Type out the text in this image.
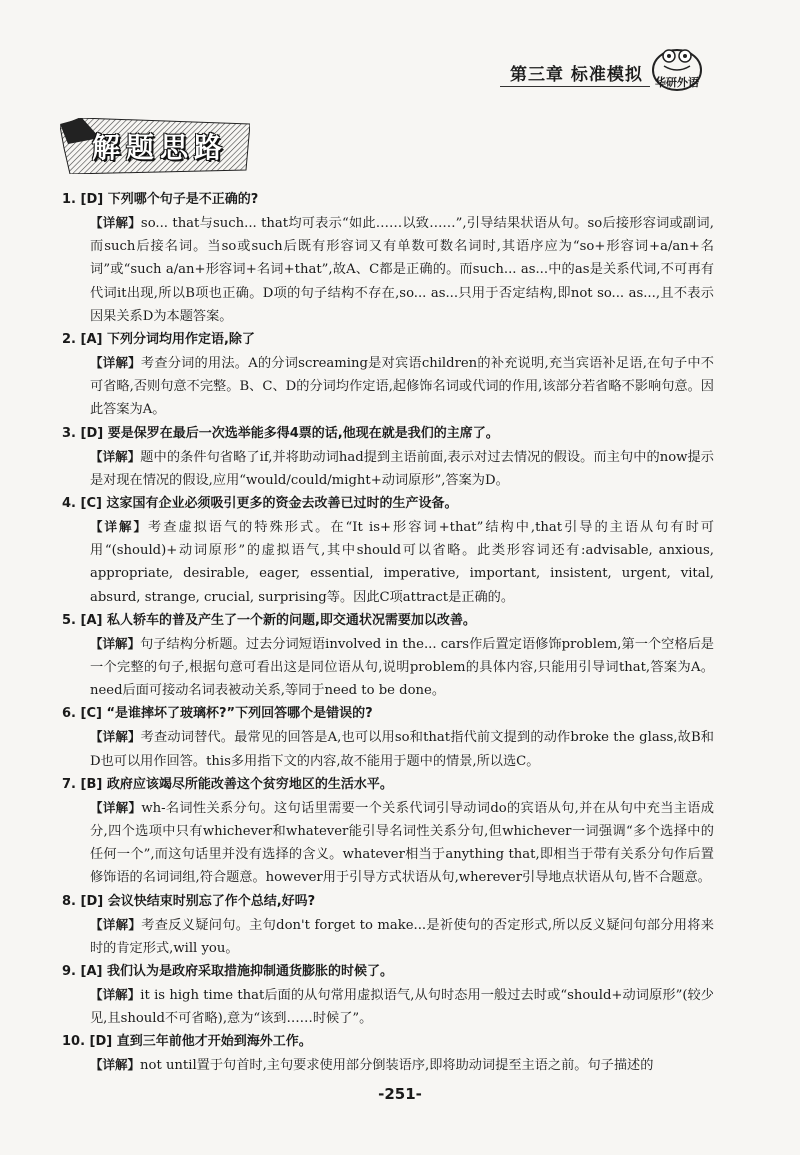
第三章 标准模拟	华研外语
解题思路
1. [D] 下列哪个句子是不正确的?
【详解】so... that与such... that均可表示“如此……以致……”,引导结果状语从句。so后接形容词或副词,而such后接名词。当so或such后既有形容词又有单数可数名词时,其语序应为“so+形容词+a/an+名词”或“such a/an+形容词+名词+that”,故A、C都是正确的。而such... as...中的as是关系代词,不可再有代词it出现,所以B项也正确。D项的句子结构不存在,so... as...只用于否定结构,即not so... as...,且不表示因果关系D为本题答案。
2. [A] 下列分词均用作定语,除了
【详解】考查分词的用法。A的分词screaming是对宾语children的补充说明,充当宾语补足语,在句子中不可省略,否则句意不完整。B、C、D的分词均作定语,起修饰名词或代词的作用,该部分若省略不影响句意。因此答案为A。
3. [D] 要是保罗在最后一次选举能多得4票的话,他现在就是我们的主席了。
【详解】题中的条件句省略了if,并将助动词had提到主语前面,表示对过去情况的假设。而主句中的now提示是对现在情况的假设,应用“would/could/might+动词原形”,答案为D。
4. [C] 这家国有企业必须吸引更多的资金去改善已过时的生产设备。
【详解】考查虚拟语气的特殊形式。在“It is+形容词+that”结构中,that引导的主语从句有时可用“(should)+动词原形”的虚拟语气,其中should可以省略。此类形容词还有:advisable, anxious, appropriate, desirable, eager, essential, imperative, important, insistent, urgent, vital, absurd, strange, crucial, surprising等。因此C项attract是正确的。
5. [A] 私人轿车的普及产生了一个新的问题,即交通状况需要加以改善。
【详解】句子结构分析题。过去分词短语involved in the... cars作后置定语修饰problem,第一个空格后是一个完整的句子,根据句意可看出这是同位语从句,说明problem的具体内容,只能用引导词that,答案为A。need后面可接动名词表被动关系,等同于need to be done。
6. [C] “是谁摔坏了玻璃杯?”下列回答哪个是错误的?
【详解】考查动词替代。最常见的回答是A,也可以用so和that指代前文提到的动作broke the glass,故B和D也可以用作回答。this多用指下文的内容,故不能用于题中的情景,所以选C。
7. [B] 政府应该竭尽所能改善这个贫穷地区的生活水平。
【详解】wh-名词性关系分句。这句话里需要一个关系代词引导动词do的宾语从句,并在从句中充当主语成分,四个选项中只有whichever和whatever能引导名词性关系分句,但whichever一词强调“多个选择中的任何一个”,而这句话里并没有选择的含义。whatever相当于anything that,即相当于带有关系分句作后置修饰语的名词词组,符合题意。however用于引导方式状语从句,wherever引导地点状语从句,皆不合题意。
8. [D] 会议快结束时别忘了作个总结,好吗?
【详解】考查反义疑问句。主句don't forget to make...是祈使句的否定形式,所以反义疑问句部分用将来时的肯定形式,will you。
9. [A] 我们认为是政府采取措施抑制通货膨胀的时候了。
【详解】it is high time that后面的从句常用虚拟语气,从句时态用一般过去时或“should+动词原形”(较少见,且should不可省略),意为“该到……时候了”。
10. [D] 直到三年前他才开始到海外工作。
【详解】not until置于句首时,主句要求使用部分倒装语序,即将助动词提至主语之前。句子描述的
-251-
